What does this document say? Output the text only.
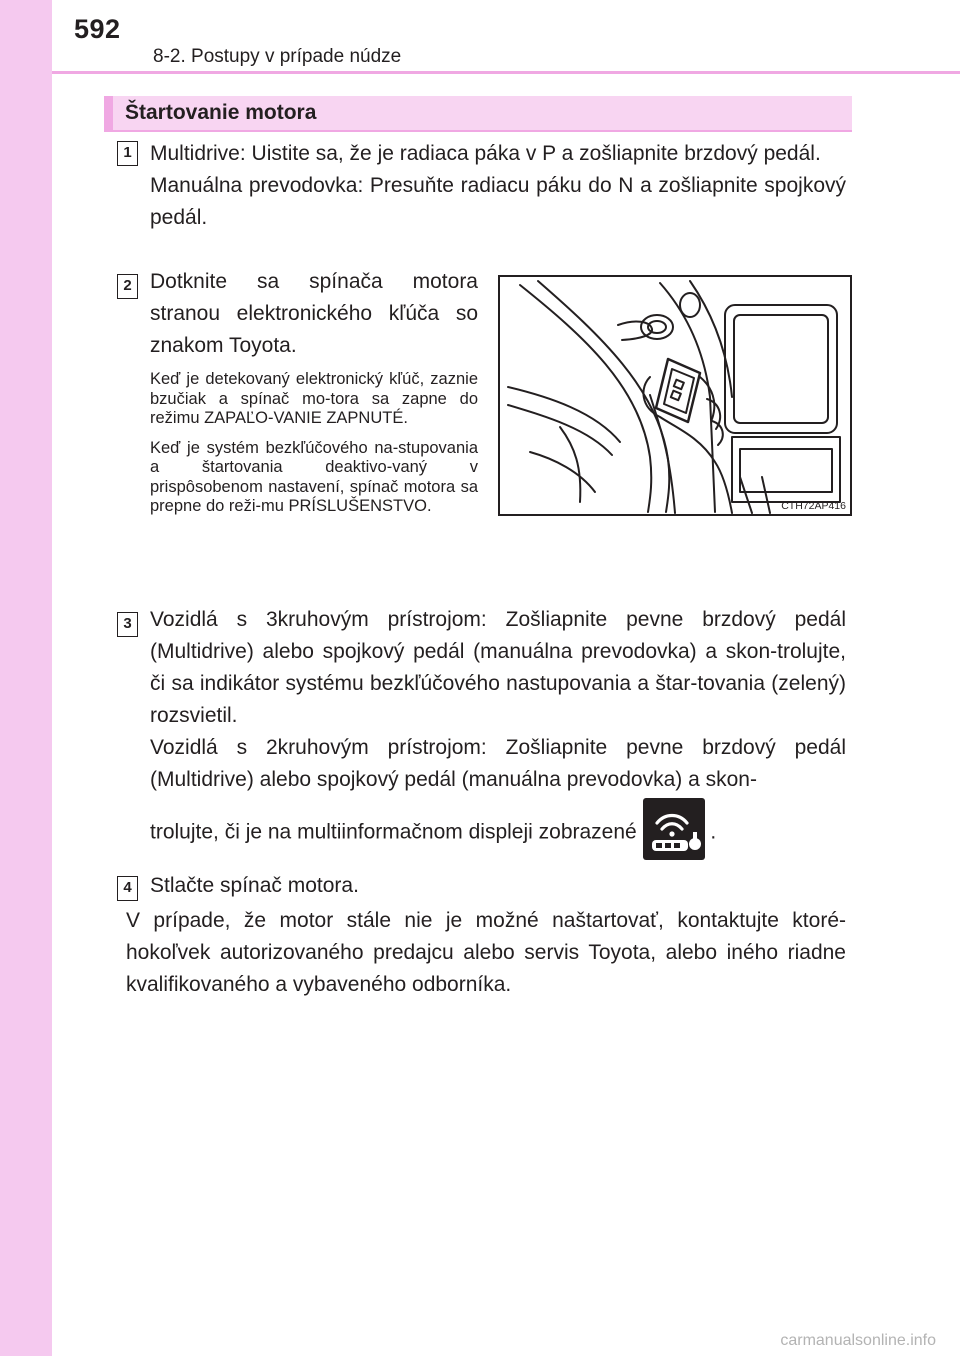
592
8-2. Postupy v prípade núdze
Štartovanie motora
1 Multidrive: Uistite sa, že je radiaca páka v P a zošliapnite brzdový pedál.

Manuálna prevodovka: Presuňte radiacu páku do N a zošliapnite spojkový pedál.

2 Dotknite sa spínača motora stranou elektronického kľúča so znakom Toyota.

Keď je detekovaný elektronický kľúč, zaznie bzučiak a spínač mo-tora sa zapne do režimu ZAPAĽO-VANIE ZAPNUTÉ.

Keď je systém bezkľúčového na-stupovania a štartovania deaktivo-vaný v prispôsobenom nastavení, spínač motora sa prepne do reži-mu PRÍSLUŠENSTVO.	CTH72AP416
3 Vozidlá s 3kruhovým prístrojom: Zošliapnite pevne brzdový pedál (Multidrive) alebo spojkový pedál (manuálna prevodovka) a skon-trolujte, či sa indikátor systému bezkľúčového nastupovania a štar-tovania (zelený) rozsvietil.

Vozidlá s 2kruhovým prístrojom: Zošliapnite pevne brzdový pedál (Multidrive) alebo spojkový pedál (manuálna prevodovka) a skon-

trolujte, či je na multiinformačnom displeji zobrazené	.

4 Stlačte spínač motora.

V prípade, že motor stále nie je možné naštartovať, kontaktujte ktoré-hokoľvek autorizovaného predajcu alebo servis Toyota, alebo iného riadne kvalifikovaného a vybaveného odborníka.
carmanualsonline.info
